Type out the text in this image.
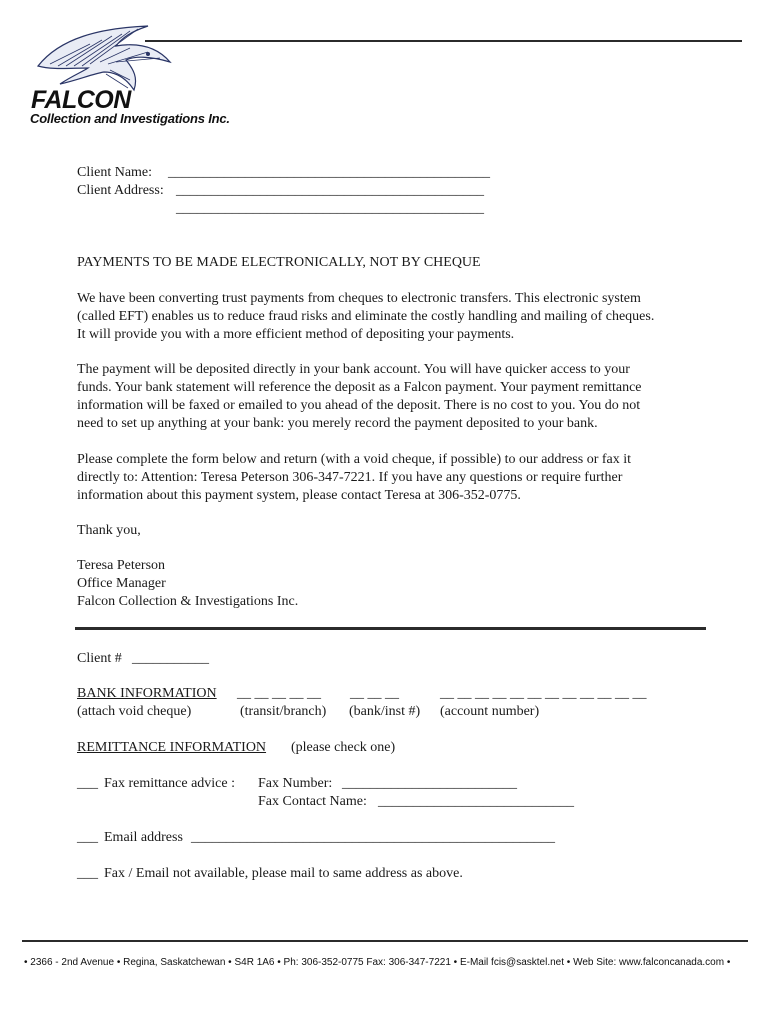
FALCON
Collection and Investigations Inc.
Client Name: ______________________________________________
Client Address: ____________________________________________
____________________________________________
PAYMENTS TO BE MADE ELECTRONICALLY, NOT BY CHEQUE
We have been converting trust payments from cheques to electronic transfers. This electronic system
(called EFT) enables us to reduce fraud risks and eliminate the costly handling and mailing of cheques.
It will provide you with a more efficient method of depositing your payments.
The payment will be deposited directly in your bank account. You will have quicker access to your
funds. Your bank statement will reference the deposit as a Falcon payment. Your payment remittance
information will be faxed or emailed to you ahead of the deposit. There is no cost to you. You do not
need to set up anything at your bank: you merely record the payment deposited to your bank.
Please complete the form below and return (with a void cheque, if possible) to our address or fax it
directly to: Attention: Teresa Peterson 306-347-7221. If you have any questions or require further
information about this payment system, please contact Teresa at 306-352-0775.
Thank you,
Teresa Peterson
Office Manager
Falcon Collection & Investigations Inc.
Client # ___________
BANK INFORMATION __ __ __ __ __ __ __ __	__ __ __ __ __ __ __ __ __ __ __ __
(attach void cheque)	(transit/branch) (bank/inst #) (account number)
REMITTANCE INFORMATION (please check one)
___ Fax remittance advice : Fax Number: _________________________
Fax Contact Name: ____________________________
___ Email address ____________________________________________________
___ Fax / Email not available, please mail to same address as above.
• 2366 - 2nd Avenue • Regina, Saskatchewan • S4R 1A6 • Ph: 306-352-0775 Fax: 306-347-7221 • E-Mail fcis@sasktel.net • Web Site: www.falconcanada.com •
